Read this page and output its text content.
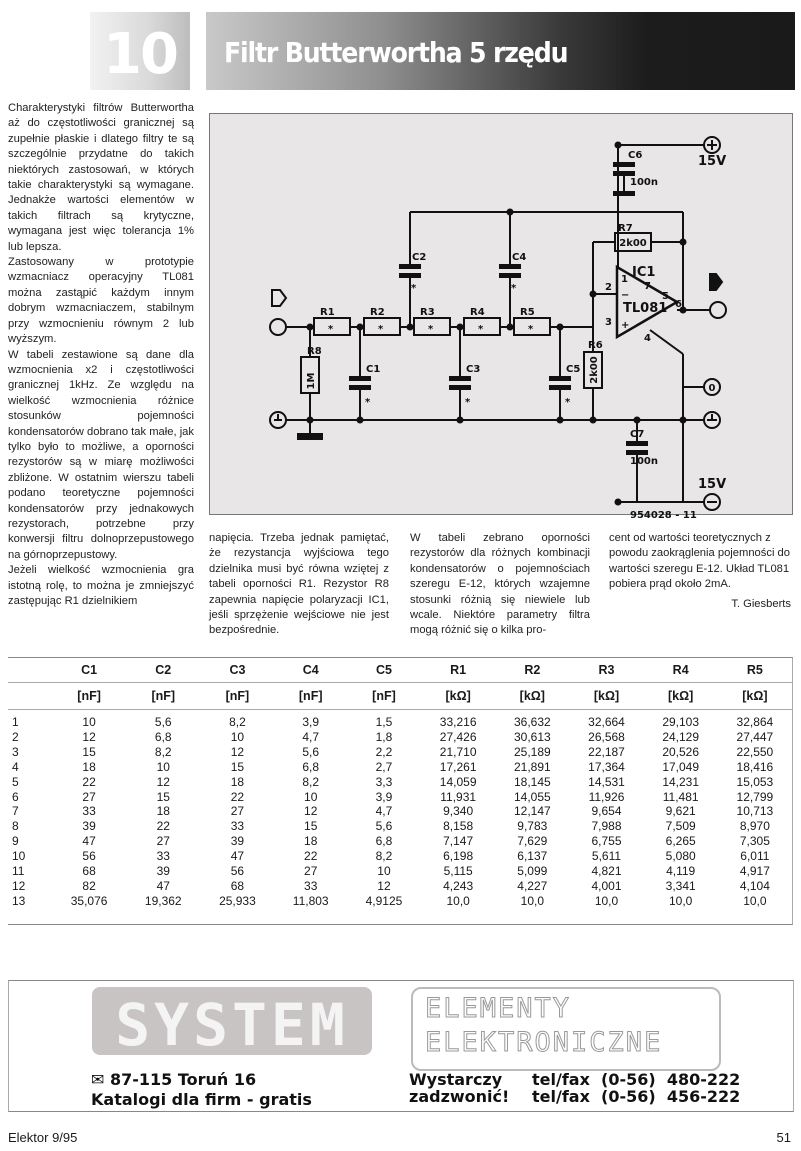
10	Filtr Butterwortha 5 rzędu

Charakterystyki filtrów Butterwortha aż do częstotliwości granicznej są zupełnie płaskie i dlatego filtry te są szczególnie przydatne do takich niektórych zastosowań, w których takie charakterystyki są wymagane. Jednakże wartości elementów w takich filtrach są krytyczne, wymagana jest więc tolerancja 1% lub lepsza.

Zastosowany w prototypie wzmacniacz operacyjny TL081 można zastąpić każdym innym dobrym wzmacniaczem, stabilnym przy wzmocnieniu równym 2 lub wyższym.

W tabeli zestawione są dane dla wzmocnienia x2 i częstotliwości granicznej 1kHz. Ze względu na wielkość wzmocnienia różnice stosunków pojemności kondensatorów dobrano tak małe, jak tylko było to możliwe, a oporności rezystorów są w miarę możliwości zbliżone. W ostatnim wierszu tabeli podano teoretyczne pojemności kondensatorów przy jednakowych rezystorach, potrzebne przy konwersji filtru dolnoprzepustowego na górnoprzepustowy.

Jeżeli wielkość wzmocnienia gra istotną rolę, to można je zmniejszyć zastępując R1 dzielnikiem

R1	R2	R3	R4	R5
*	*	*	*	*
R8
1M
C1
*
C3
*
C5
*
C2
*
C4
*
R7
2k00
R6
2k00
C6
100n
C7
100n
IC1
TL081
2
3
1
7
5
6
4
−
+
15V
15V
0
954028 - 11

napięcia. Trzeba jednak pamiętać, że rezystancja wyjściowa tego dzielnika musi być równa wziętej z tabeli oporności R1. Rezystor R8 zapewnia napięcie polaryzacji IC1, jeśli sprzężenie wejściowe nie jest bezpośrednie.

W tabeli zebrano oporności rezystorów dla różnych kombinacji kondensatorów o pojemnościach szeregu E-12, których wzajemne stosunki różnią się niewiele lub wcale. Niektóre parametry filtra mogą różnić się o kilka pro-

cent od wartości teoretycznych z powodu zaokrąglenia pojemności do wartości szeregu E-12. Układ TL081 pobiera prąd około 2mA.

T. Giesberts

	C1	C2	C3	C4	C5	R1	R2	R3	R4	R5
	[nF]	[nF]	[nF]	[nF]	[nF]	[kΩ]	[kΩ]	[kΩ]	[kΩ]	[kΩ]
1	10	5,6	8,2	3,9	1,5	33,216	36,632	32,664	29,103	32,864
2	12	6,8	10	4,7	1,8	27,426	30,613	26,568	24,129	27,447
3	15	8,2	12	5,6	2,2	21,710	25,189	22,187	20,526	22,550
4	18	10	15	6,8	2,7	17,261	21,891	17,364	17,049	18,416
5	22	12	18	8,2	3,3	14,059	18,145	14,531	14,231	15,053
6	27	15	22	10	3,9	11,931	14,055	11,926	11,481	12,799
7	33	18	27	12	4,7	9,340	12,147	9,654	9,621	10,713
8	39	22	33	15	5,6	8,158	9,783	7,988	7,509	8,970
9	47	27	39	18	6,8	7,147	7,629	6,755	6,265	7,305
10	56	33	47	22	8,2	6,198	6,137	5,611	5,080	6,011
11	68	39	56	27	10	5,115	5,099	4,821	4,119	4,917
12	82	47	68	33	12	4,243	4,227	4,001	3,341	4,104
13	35,076	19,362	25,933	11,803	4,9125	10,0	10,0	10,0	10,0	10,0
SYSTEM	ELEMENTY
ELEKTRONICZNE
✉ 87-115 Toruń 16
Katalogi dla firm - gratis
Wystarczy
zadzwonić!
tel/fax  (0-56)  480-222
tel/fax  (0-56)  456-222
Elektor 9/95	51
